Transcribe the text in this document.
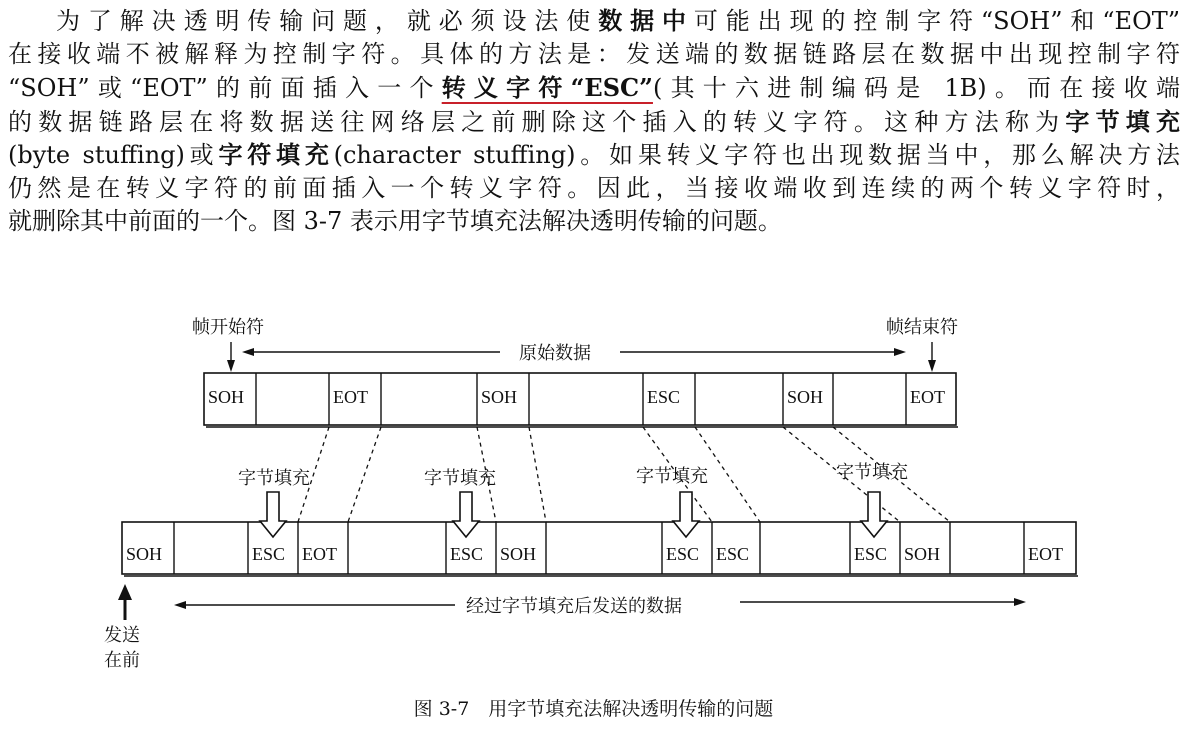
为了解决透明传输问题，就必须设法使数据中可能出现的控制字符“SOH”和“EOT”
在接收端不被解释为控制字符。具体的方法是：发送端的数据链路层在数据中出现控制字符
“SOH”或“EOT”的前面插入一个转义字符“ESC”(其十六进制编码是 1B)。而在接收端
的数据链路层在将数据送往网络层之前删除这个插入的转义字符。这种方法称为字节填充
(byte stuffing)或字符填充(character stuffing)。如果转义字符也出现数据当中，那么解决方法
仍然是在转义字符的前面插入一个转义字符。因此，当接收端收到连续的两个转义字符时，
就删除其中前面的一个。图 3-7 表示用字节填充法解决透明传输的问题。
SOH	EOT	SOH	ESC	SOH	EOT
SOH	ESC EOT	ESC SOH	ESC ESC	ESC SOH	EOT
字节填充	字节填充	字节填充	字节填充
帧开始符	帧结束符
原始数据
经过字节填充后发送的数据
发送
在前
图 3-7　用字节填充法解决透明传输的问题
